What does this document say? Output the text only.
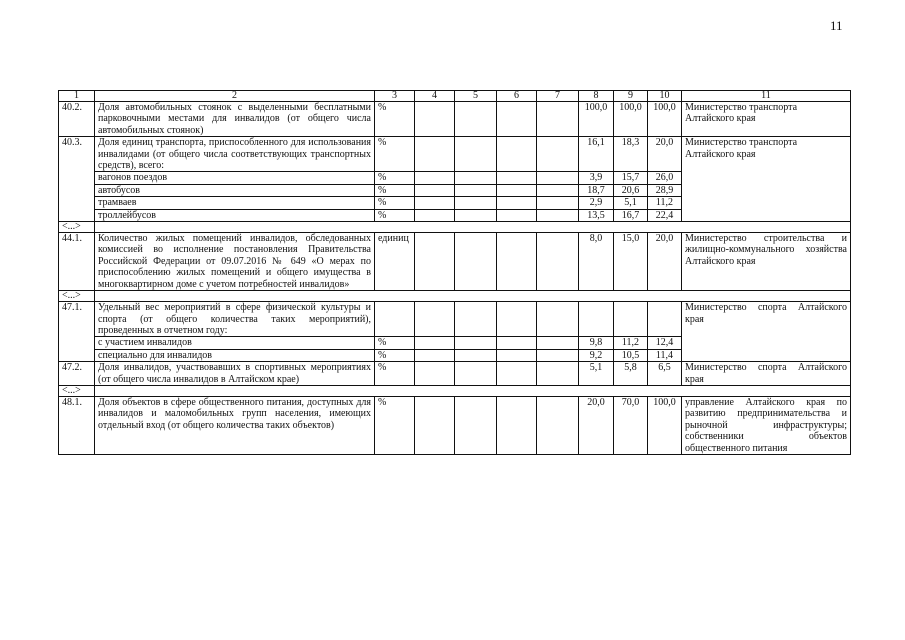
11
1	2	3	4	5	6	7	8	9	10	11
40.2.	Доля автомобильных стоянок с выделенными бесплатными парковочными местами для инвалидов (от общего числа автомобильных стоянок)	%					100,0	100,0	100,0	Министерство транспорта Алтайского края
40.3.	Доля единиц транспорта, приспособленного для использования инвалидами (от общего числа соответствующих транспортных средств), всего:	%					16,1	18,3	20,0	Министерство транспорта Алтайского края
	вагонов поездов	%					3,9	15,7	26,0	
	автобусов	%					18,7	20,6	28,9	
	трамваев	%					2,9	5,1	11,2	
	троллейбусов	%					13,5	16,7	22,4	
<...>										
44.1.	Количество жилых помещений инвалидов, обследованных комиссией во исполнение постановления Правительства Российской Федерации от 09.07.2016 № 649 «О мерах по приспособлению жилых помещений и общего имущества в многоквартирном доме с учетом потребностей инвалидов»	единиц					8,0	15,0	20,0	Министерство строительства и жилищно-коммунального хозяйства Алтайского края
<...>										
47.1.	Удельный вес мероприятий в сфере физической культуры и спорта (от общего количества таких мероприятий), проведенных в отчетном году:									Министерство спорта Алтайского края
	с участием инвалидов	%					9,8	11,2	12,4	
	специально для инвалидов	%					9,2	10,5	11,4	
47.2.	Доля инвалидов, участвовавших в спортивных мероприятиях (от общего числа инвалидов в Алтайском крае)	%					5,1	5,8	6,5	Министерство спорта Алтайского края
<...>										
48.1.	Доля объектов в сфере общественного питания, доступных для инвалидов и маломобильных групп населения, имеющих отдельный вход (от общего количества таких объектов)	%					20,0	70,0	100,0	управление Алтайского края по развитию предпринимательства и рыночной инфраструктуры; собственники объектов общественного питания
